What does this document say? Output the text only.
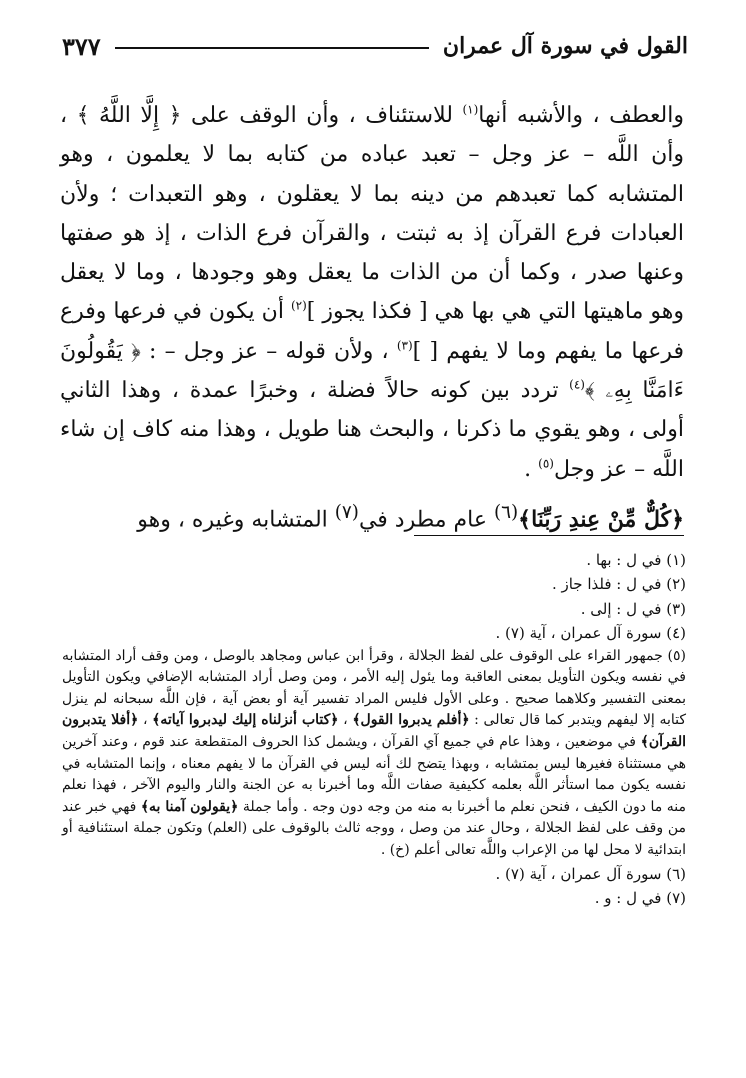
القول في سورة آل عمران
٣٧٧

والعطف ، والأشبه أنها$^{(١)}$ للاستئناف ، وأن الوقف على ﴿ إِلَّا اللَّهُ ﴾ ، وأن اللَّه – عز وجل – تعبد عباده من كتابه بما لا يعلمون ، وهو المتشابه كما تعبدهم من دينه بما لا يعقلون ، وهو التعبدات ؛ ولأن العبادات فرع القرآن إذ به ثبتت ، والقرآن فرع الذات ، إذ هو صفتها وعنها صدر ، وكما أن من الذات ما يعقل وهو وجودها ، وما لا يعقل وهو ماهيتها التي هي بها هي [ فكذا يجوز ]$^{(٢)}$ أن يكون في فرعها وفرع فرعها ما يفهم وما لا يفهم [ ]$^{(٣)}$ ، ولأن قوله – عز وجل – : ﴿ يَقُولُونَ ءَامَنَّا بِهِۦ ﴾$^{(٤)}$ تردد بين كونه حالاً فضلة ، وخبرًا عمدة ، وهذا الثاني أولى ، وهو يقوي ما ذكرنا ، والبحث هنا طويل ، وهذا منه كاف إن شاء اللَّه – عز وجل$^{(٥)}$ .

﴿كُلٌّ مِّنْ عِندِ رَبِّنَا﴾$^{(٦)}$ عام مطرد في$^{(٧)}$ المتشابه وغيره ، وهو

(١) في ل : بها .

(٢) في ل : فلذا جاز .

(٣) في ل : إلى .

(٤) سورة آل عمران ، آية (٧) .

(٥) جمهور القراء على الوقوف على لفظ الجلالة ، وقرأ ابن عباس ومجاهد بالوصل ، ومن وقف أراد المتشابه في نفسه ويكون التأويل بمعنى العاقبة وما يئول إليه الأمر ، ومن وصل أراد المتشابه الإضافي ويكون التأويل بمعنى التفسير وكلاهما صحيح . وعلى الأول فليس المراد تفسير آية أو بعض آية ، فإن اللَّه سبحانه لم ينزل كتابه إلا ليفهم ويتدبر كما قال تعالى : ﴿أفلم يدبروا القول﴾ ، ﴿كتاب أنزلناه إليك ليدبروا آياته﴾ ، ﴿أفلا يتدبرون القرآن﴾ في موضعين ، وهذا عام في جميع آي القرآن ، ويشمل كذا الحروف المتقطعة عند قوم ، وعند آخرين هي مستثناة فغيرها ليس بمتشابه ، وبهذا يتضح لك أنه ليس في القرآن ما لا يفهم معناه ، وإنما المتشابه في نفسه يكون مما استأثر اللَّه بعلمه ككيفية صفات اللَّه وما أخبرنا به عن الجنة والنار واليوم الآخر ، فهذا نعلم منه ما دون الكيف ، فنحن نعلم ما أخبرنا به منه من وجه دون وجه . وأما جملة ﴿يقولون آمنا به﴾ فهي خبر عند من وقف على لفظ الجلالة ، وحال عند من وصل ، ووجه ثالث بالوقوف على (العلم) وتكون جملة استئنافية أو ابتدائية لا محل لها من الإعراب واللَّه تعالى أعلم (خ) .

(٦) سورة آل عمران ، آية (٧) .

(٧) في ل : و .
